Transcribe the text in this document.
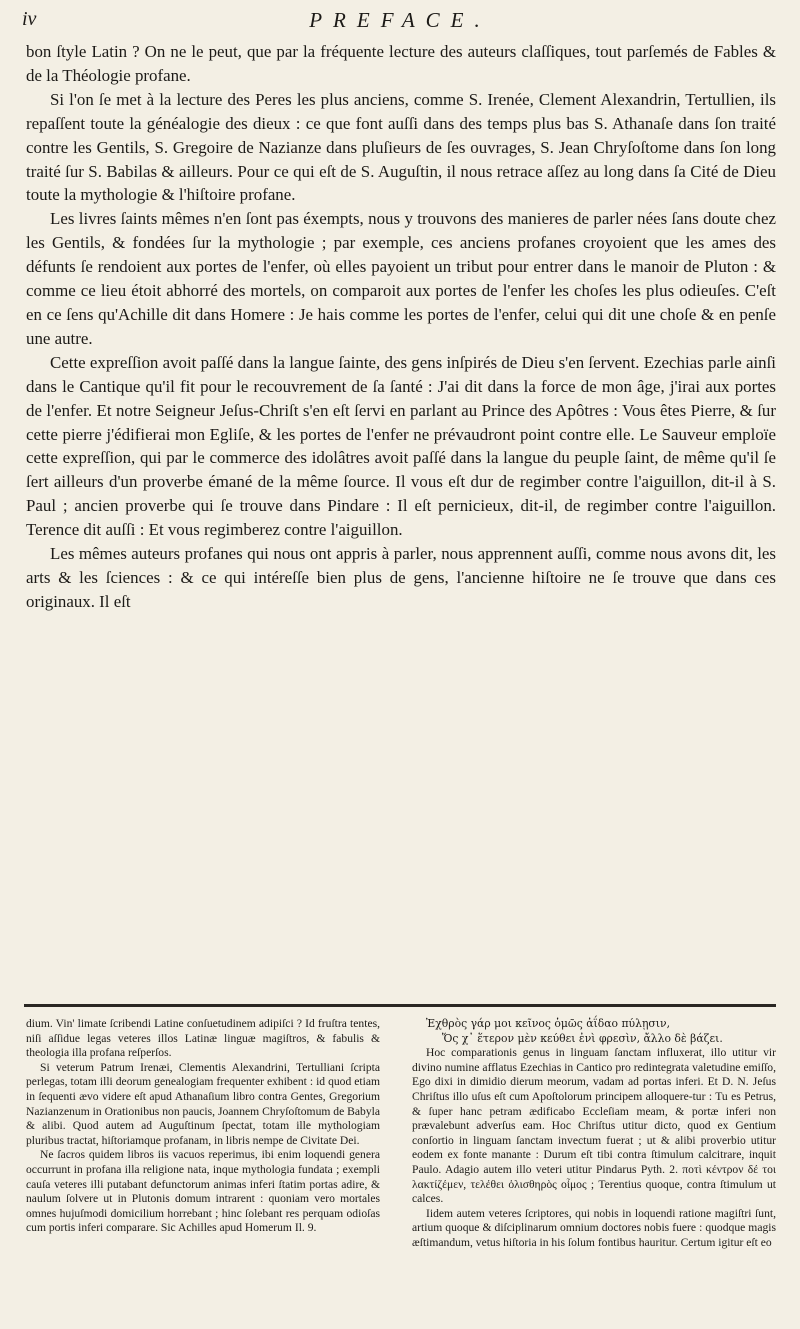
iv	PREFACE.

bon ſtyle Latin ? On ne le peut, que par la fréquente lecture des auteurs claſſiques, tout parſemés de Fables & de la Théologie profane.

Si l'on ſe met à la lecture des Peres les plus anciens, comme S. Irenée, Clement Alexandrin, Tertullien, ils repaſſent toute la généalogie des dieux : ce que font auſſi dans des temps plus bas S. Athanaſe dans ſon traité contre les Gentils, S. Gregoire de Nazianze dans pluſieurs de ſes ouvrages, S. Jean Chryſoſtome dans ſon long traité ſur S. Babilas & ailleurs. Pour ce qui eſt de S. Auguſtin, il nous retrace aſſez au long dans ſa Cité de Dieu toute la mythologie & l'hiſtoire profane.

Les livres ſaints mêmes n'en ſont pas éxempts, nous y trouvons des manieres de parler nées ſans doute chez les Gentils, & fondées ſur la mythologie ; par exemple, ces anciens profanes croyoient que les ames des défunts ſe rendoient aux portes de l'enfer, où elles payoient un tribut pour entrer dans le manoir de Pluton : & comme ce lieu étoit abhorré des mortels, on comparoit aux portes de l'enfer les choſes les plus odieuſes. C'eſt en ce ſens qu'Achille dit dans Homere : Je hais comme les portes de l'enfer, celui qui dit une choſe & en penſe une autre.

Cette expreſſion avoit paſſé dans la langue ſainte, des gens inſpirés de Dieu s'en ſervent. Ezechias parle ainſi dans le Cantique qu'il fit pour le recouvrement de ſa ſanté : J'ai dit dans la force de mon âge, j'irai aux portes de l'enfer. Et notre Seigneur Jeſus-Chriſt s'en eſt ſervi en parlant au Prince des Apôtres : Vous êtes Pierre, & ſur cette pierre j'édifierai mon Egliſe, & les portes de l'enfer ne prévaudront point contre elle. Le Sauveur emploïe cette expreſſion, qui par le commerce des idolâtres avoit paſſé dans la langue du peuple ſaint, de même qu'il ſe ſert ailleurs d'un proverbe émané de la même ſource. Il vous eſt dur de regimber contre l'aiguillon, dit-il à S. Paul ; ancien proverbe qui ſe trouve dans Pindare : Il eſt pernicieux, dit-il, de regimber contre l'aiguillon. Terence dit auſſi : Et vous regimberez contre l'aiguillon.

Les mêmes auteurs profanes qui nous ont appris à parler, nous apprennent auſſi, comme nous avons dit, les arts & les ſciences : & ce qui intéreſſe bien plus de gens, l'ancienne hiſtoire ne ſe trouve que dans ces originaux. Il eſt

dium. Vin' limate ſcribendi Latine conſuetudinem adipiſci ? Id fruſtra tentes, niſi aſſidue legas veteres illos Latinæ linguæ magiſtros, & fabulis & theologia illa profana reſperſos.

Si veterum Patrum Irenæi, Clementis Alexandrini, Tertulliani ſcripta perlegas, totam illi deorum genealogiam frequenter exhibent : id quod etiam in ſequenti ævo videre eſt apud Athanaſium libro contra Gentes, Gregorium Nazianzenum in Orationibus non paucis, Joannem Chryſoſtomum de Babyla & alibi. Quod autem ad Auguſtinum ſpectat, totam ille mythologiam pluribus tractat, hiſtoriamque profanam, in libris nempe de Civitate Dei.

Ne ſacros quidem libros iis vacuos reperimus, ibi enim loquendi genera occurrunt in profana illa religione nata, inque mythologia fundata ; exempli cauſa veteres illi putabant defunctorum animas inferi ſtatim portas adire, & naulum ſolvere ut in Plutonis domum intrarent : quoniam vero mortales omnes hujuſmodi domicilium horrebant ; hinc ſolebant res perquam odioſas cum portis inferi comparare. Sic Achilles apud Homerum Il. 9.

Ἐχθρὸς γάρ μοι κεῖνος ὁμῶς ἀΐδαο πύλῃσιν,

Ὅς χ᾽ ἕτερον μὲν κεύθει ἐνὶ φρεσὶν, ἄλλο δὲ βάζει.

Hoc comparationis genus in linguam ſanctam influxerat, illo utitur vir divino numine afflatus Ezechias in Cantico pro redintegrata valetudine emiſſo, Ego dixi in dimidio dierum meorum, vadam ad portas inferi. Et D. N. Jeſus Chriſtus illo uſus eſt cum Apoſtolorum principem alloquere-tur : Tu es Petrus, & ſuper hanc petram ædificabo Eccleſiam meam, & portæ inferi non prævalebunt adverſus eam. Hoc Chriſtus utitur dicto, quod ex Gentium conſortio in linguam ſanctam invectum fuerat ; ut & alibi proverbio utitur eodem ex fonte manante : Durum eſt tibi contra ſtimulum calcitrare, inquit Paulo. Adagio autem illo veteri utitur Pindarus Pyth. 2. ποτὶ κέντρον δέ τοι λακτίζέμεν, τελέθει ὀλισθηρὸς οἶμος ; Terentius quoque, contra ſtimulum ut calces.

Iidem autem veteres ſcriptores, qui nobis in loquendi ratione magiſtri ſunt, artium quoque & diſciplinarum omnium doctores nobis fuere : quodque magis æſtimandum, vetus hiſtoria in his ſolum fontibus hauritur. Certum igitur eſt eo
